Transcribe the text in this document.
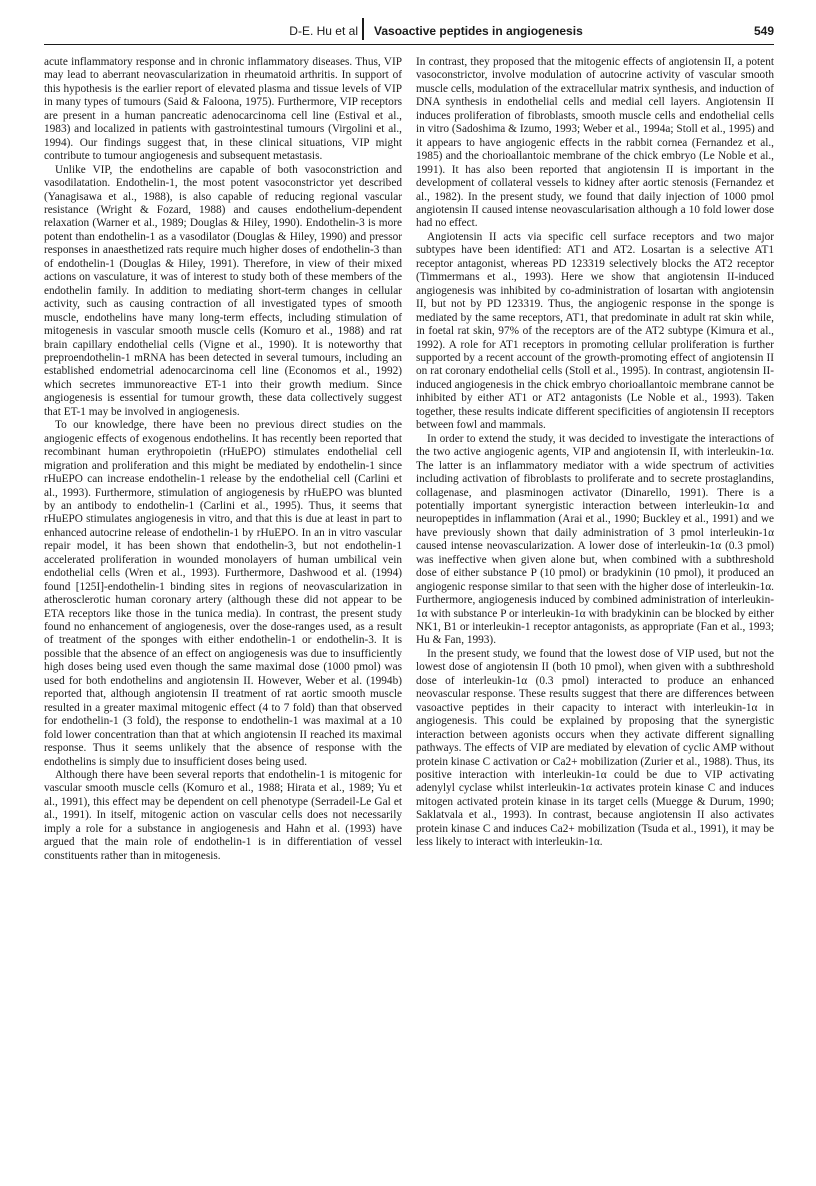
D-E. Hu et al Vasoactive peptides in angiogenesis	549

acute inflammatory response and in chronic inflammatory diseases. Thus, VIP may lead to aberrant neovascularization in rheumatoid arthritis. In support of this hypothesis is the earlier report of elevated plasma and tissue levels of VIP in many types of tumours (Said & Faloona, 1975). Furthermore, VIP receptors are present in a human pancreatic adenocarcinoma cell line (Estival et al., 1983) and localized in patients with gastrointestinal tumours (Virgolini et al., 1994). Our findings suggest that, in these clinical situations, VIP might contribute to tumour angiogenesis and subsequent metastasis.

Unlike VIP, the endothelins are capable of both vasoconstriction and vasodilatation. Endothelin-1, the most potent vasoconstrictor yet described (Yanagisawa et al., 1988), is also capable of reducing regional vascular resistance (Wright & Fozard, 1988) and causes endothelium-dependent relaxation (Warner et al., 1989; Douglas & Hiley, 1990). Endothelin-3 is more potent than endothelin-1 as a vasodilator (Douglas & Hiley, 1990) and pressor responses in anaesthetized rats require much higher doses of endothelin-3 than of endothelin-1 (Douglas & Hiley, 1991). Therefore, in view of their mixed actions on vasculature, it was of interest to study both of these members of the endothelin family. In addition to mediating short-term changes in cellular activity, such as causing contraction of all investigated types of smooth muscle, endothelins have many long-term effects, including stimulation of mitogenesis in vascular smooth muscle cells (Komuro et al., 1988) and rat brain capillary endothelial cells (Vigne et al., 1990). It is noteworthy that preproendothelin-1 mRNA has been detected in several tumours, including an established endometrial adenocarcinoma cell line (Economos et al., 1992) which secretes immunoreactive ET-1 into their growth medium. Since angiogenesis is essential for tumour growth, these data collectively suggest that ET-1 may be involved in angiogenesis.

To our knowledge, there have been no previous direct studies on the angiogenic effects of exogenous endothelins. It has recently been reported that recombinant human erythropoietin (rHuEPO) stimulates endothelial cell migration and proliferation and this might be mediated by endothelin-1 since rHuEPO can increase endothelin-1 release by the endothelial cell (Carlini et al., 1993). Furthermore, stimulation of angiogenesis by rHuEPO was blunted by an antibody to endothelin-1 (Carlini et al., 1995). Thus, it seems that rHuEPO stimulates angiogenesis in vitro, and that this is due at least in part to enhanced autocrine release of endothelin-1 by rHuEPO. In an in vitro vascular repair model, it has been shown that endothelin-3, but not endothelin-1 accelerated proliferation in wounded monolayers of human umbilical vein endothelial cells (Wren et al., 1993). Furthermore, Dashwood et al. (1994) found [125I]-endothelin-1 binding sites in regions of neovascularization in atherosclerotic human coronary artery (although these did not appear to be ETA receptors like those in the tunica media). In contrast, the present study found no enhancement of angiogenesis, over the dose-ranges used, as a result of treatment of the sponges with either endothelin-1 or endothelin-3. It is possible that the absence of an effect on angiogenesis was due to insufficiently high doses being used even though the same maximal dose (1000 pmol) was used for both endothelins and angiotensin II. However, Weber et al. (1994b) reported that, although angiotensin II treatment of rat aortic smooth muscle resulted in a greater maximal mitogenic effect (4 to 7 fold) than that observed for endothelin-1 (3 fold), the response to endothelin-1 was maximal at a 10 fold lower concentration than that at which angiotensin II reached its maximal response. Thus it seems unlikely that the absence of response with the endothelins is simply due to insufficient doses being used.

Although there have been several reports that endothelin-1 is mitogenic for vascular smooth muscle cells (Komuro et al., 1988; Hirata et al., 1989; Yu et al., 1991), this effect may be dependent on cell phenotype (Serradeil-Le Gal et al., 1991). In itself, mitogenic action on vascular cells does not necessarily imply a role for a substance in angiogenesis and Hahn et al. (1993) have argued that the main role of endothelin-1 is in differentiation of vessel constituents rather than in mitogenesis.

In contrast, they proposed that the mitogenic effects of angiotensin II, a potent vasoconstrictor, involve modulation of autocrine activity of vascular smooth muscle cells, modulation of the extracellular matrix synthesis, and induction of DNA synthesis in endothelial cells and medial cell layers. Angiotensin II induces proliferation of fibroblasts, smooth muscle cells and endothelial cells in vitro (Sadoshima & Izumo, 1993; Weber et al., 1994a; Stoll et al., 1995) and it appears to have angiogenic effects in the rabbit cornea (Fernandez et al., 1985) and the chorioallantoic membrane of the chick embryo (Le Noble et al., 1991). It has also been reported that angiotensin II is important in the development of collateral vessels to kidney after aortic stenosis (Fernandez et al., 1982). In the present study, we found that daily injection of 1000 pmol angiotensin II caused intense neovascularisation although a 10 fold lower dose had no effect.

Angiotensin II acts via specific cell surface receptors and two major subtypes have been identified: AT1 and AT2. Losartan is a selective AT1 receptor antagonist, whereas PD 123319 selectively blocks the AT2 receptor (Timmermans et al., 1993). Here we show that angiotensin II-induced angiogenesis was inhibited by co-administration of losartan with angiotensin II, but not by PD 123319. Thus, the angiogenic response in the sponge is mediated by the same receptors, AT1, that predominate in adult rat skin while, in foetal rat skin, 97% of the receptors are of the AT2 subtype (Kimura et al., 1992). A role for AT1 receptors in promoting cellular proliferation is further supported by a recent account of the growth-promoting effect of angiotensin II on rat coronary endothelial cells (Stoll et al., 1995). In contrast, angiotensin II-induced angiogenesis in the chick embryo chorioallantoic membrane cannot be inhibited by either AT1 or AT2 antagonists (Le Noble et al., 1993). Taken together, these results indicate different specificities of angiotensin II receptors between fowl and mammals.

In order to extend the study, it was decided to investigate the interactions of the two active angiogenic agents, VIP and angiotensin II, with interleukin-1α. The latter is an inflammatory mediator with a wide spectrum of activities including activation of fibroblasts to proliferate and to secrete prostaglandins, collagenase, and plasminogen activator (Dinarello, 1991). There is a potentially important synergistic interaction between interleukin-1α and neuropeptides in inflammation (Arai et al., 1990; Buckley et al., 1991) and we have previously shown that daily administration of 3 pmol interleukin-1α caused intense neovascularization. A lower dose of interleukin-1α (0.3 pmol) was ineffective when given alone but, when combined with a subthreshold dose of either substance P (10 pmol) or bradykinin (10 pmol), it produced an angiogenic response similar to that seen with the higher dose of interleukin-1α. Furthermore, angiogenesis induced by combined administration of interleukin-1α with substance P or interleukin-1α with bradykinin can be blocked by either NK1, B1 or interleukin-1 receptor antagonists, as appropriate (Fan et al., 1993; Hu & Fan, 1993).

In the present study, we found that the lowest dose of VIP used, but not the lowest dose of angiotensin II (both 10 pmol), when given with a subthreshold dose of interleukin-1α (0.3 pmol) interacted to produce an enhanced neovascular response. These results suggest that there are differences between vasoactive peptides in their capacity to interact with interleukin-1α in angiogenesis. This could be explained by proposing that the synergistic interaction between agonists occurs when they activate different signalling pathways. The effects of VIP are mediated by elevation of cyclic AMP without protein kinase C activation or Ca2+ mobilization (Zurier et al., 1988). Thus, its positive interaction with interleukin-1α could be due to VIP activating adenylyl cyclase whilst interleukin-1α activates protein kinase C and induces mitogen activated protein kinase in its target cells (Muegge & Durum, 1990; Saklatvala et al., 1993). In contrast, because angiotensin II also activates protein kinase C and induces Ca2+ mobilization (Tsuda et al., 1991), it may be less likely to interact with interleukin-1α.
